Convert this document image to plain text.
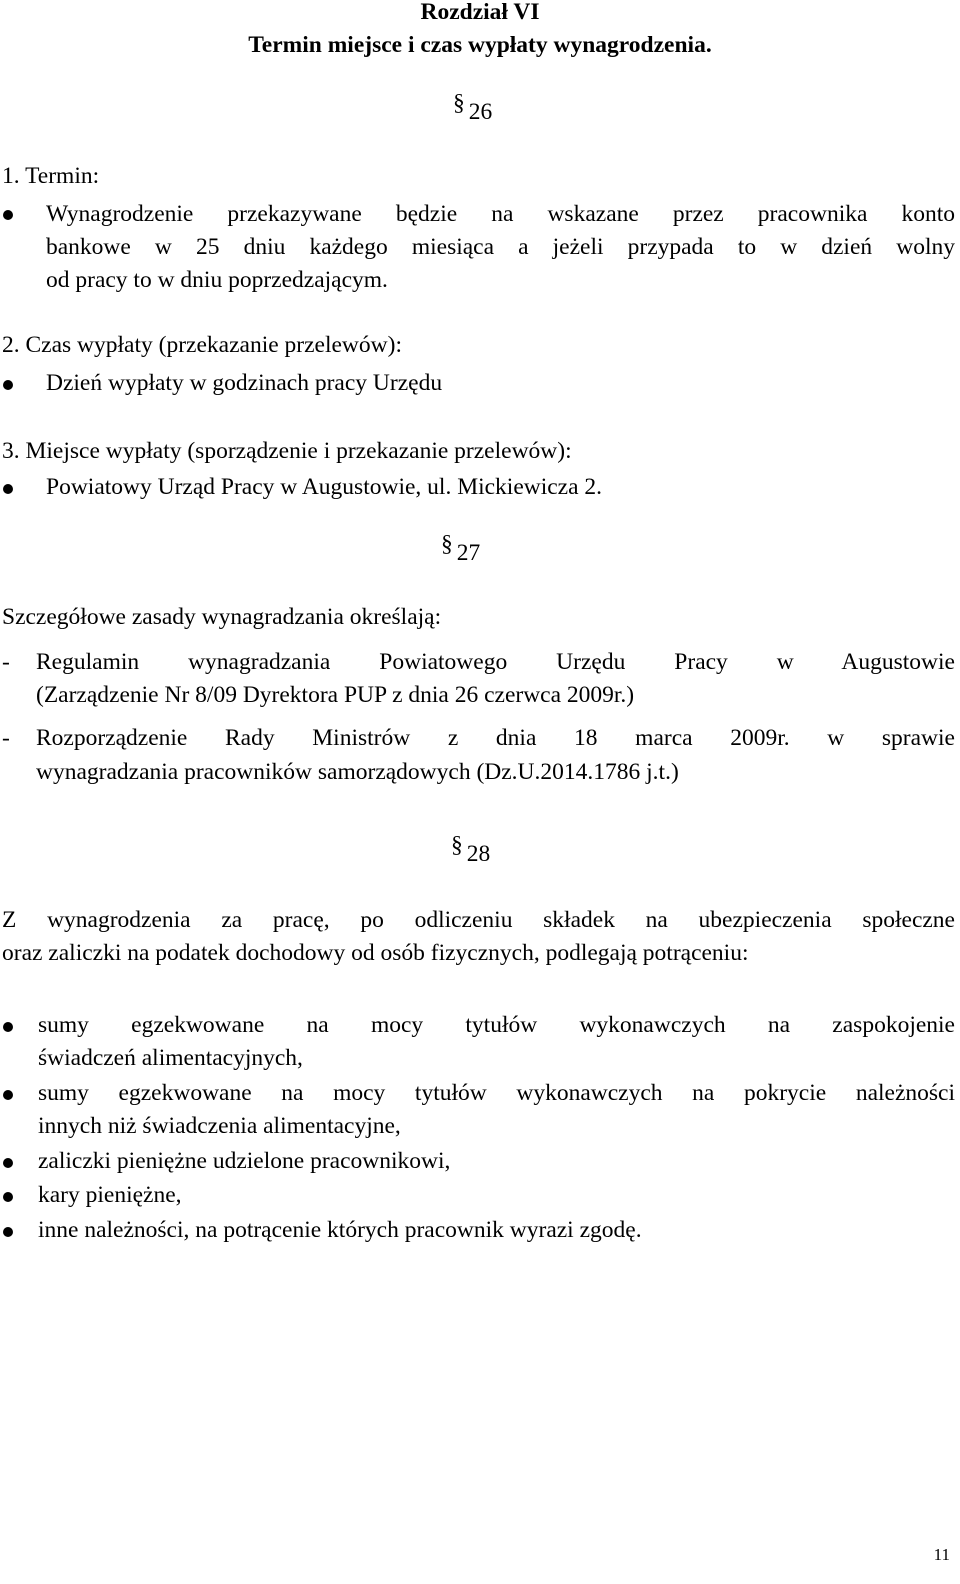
Rozdział VI
Termin miejsce i czas wypłaty wynagrodzenia.
§ 26
1. Termin:
Wynagrodzenie przekazywane będzie na wskazane przez pracownika konto
bankowe w 25 dniu każdego miesiąca a jeżeli przypada to w dzień wolny
od pracy to w dniu poprzedzającym.
2. Czas wypłaty (przekazanie przelewów):
Dzień wypłaty w godzinach pracy Urzędu
3. Miejsce wypłaty (sporządzenie i przekazanie przelewów):
Powiatowy Urząd Pracy w Augustowie, ul. Mickiewicza 2.
§ 27
Szczegółowe zasady wynagradzania określają:
- Regulamin wynagradzania Powiatowego Urzędu Pracy w Augustowie
(Zarządzenie Nr 8/09 Dyrektora PUP z dnia 26 czerwca 2009r.)
- Rozporządzenie Rady Ministrów z dnia 18 marca 2009r. w sprawie
wynagradzania pracowników samorządowych (Dz.U.2014.1786 j.t.)
§ 28
Z wynagrodzenia za pracę, po odliczeniu składek na ubezpieczenia społeczne
oraz zaliczki na podatek dochodowy od osób fizycznych, podlegają potrąceniu:
sumy egzekwowane na mocy tytułów wykonawczych na zaspokojenie
świadczeń alimentacyjnych,
sumy egzekwowane na mocy tytułów wykonawczych na pokrycie należności
innych niż świadczenia alimentacyjne,
zaliczki pieniężne udzielone pracownikowi,
kary pieniężne,
inne należności, na potrącenie których pracownik wyrazi zgodę.
11
